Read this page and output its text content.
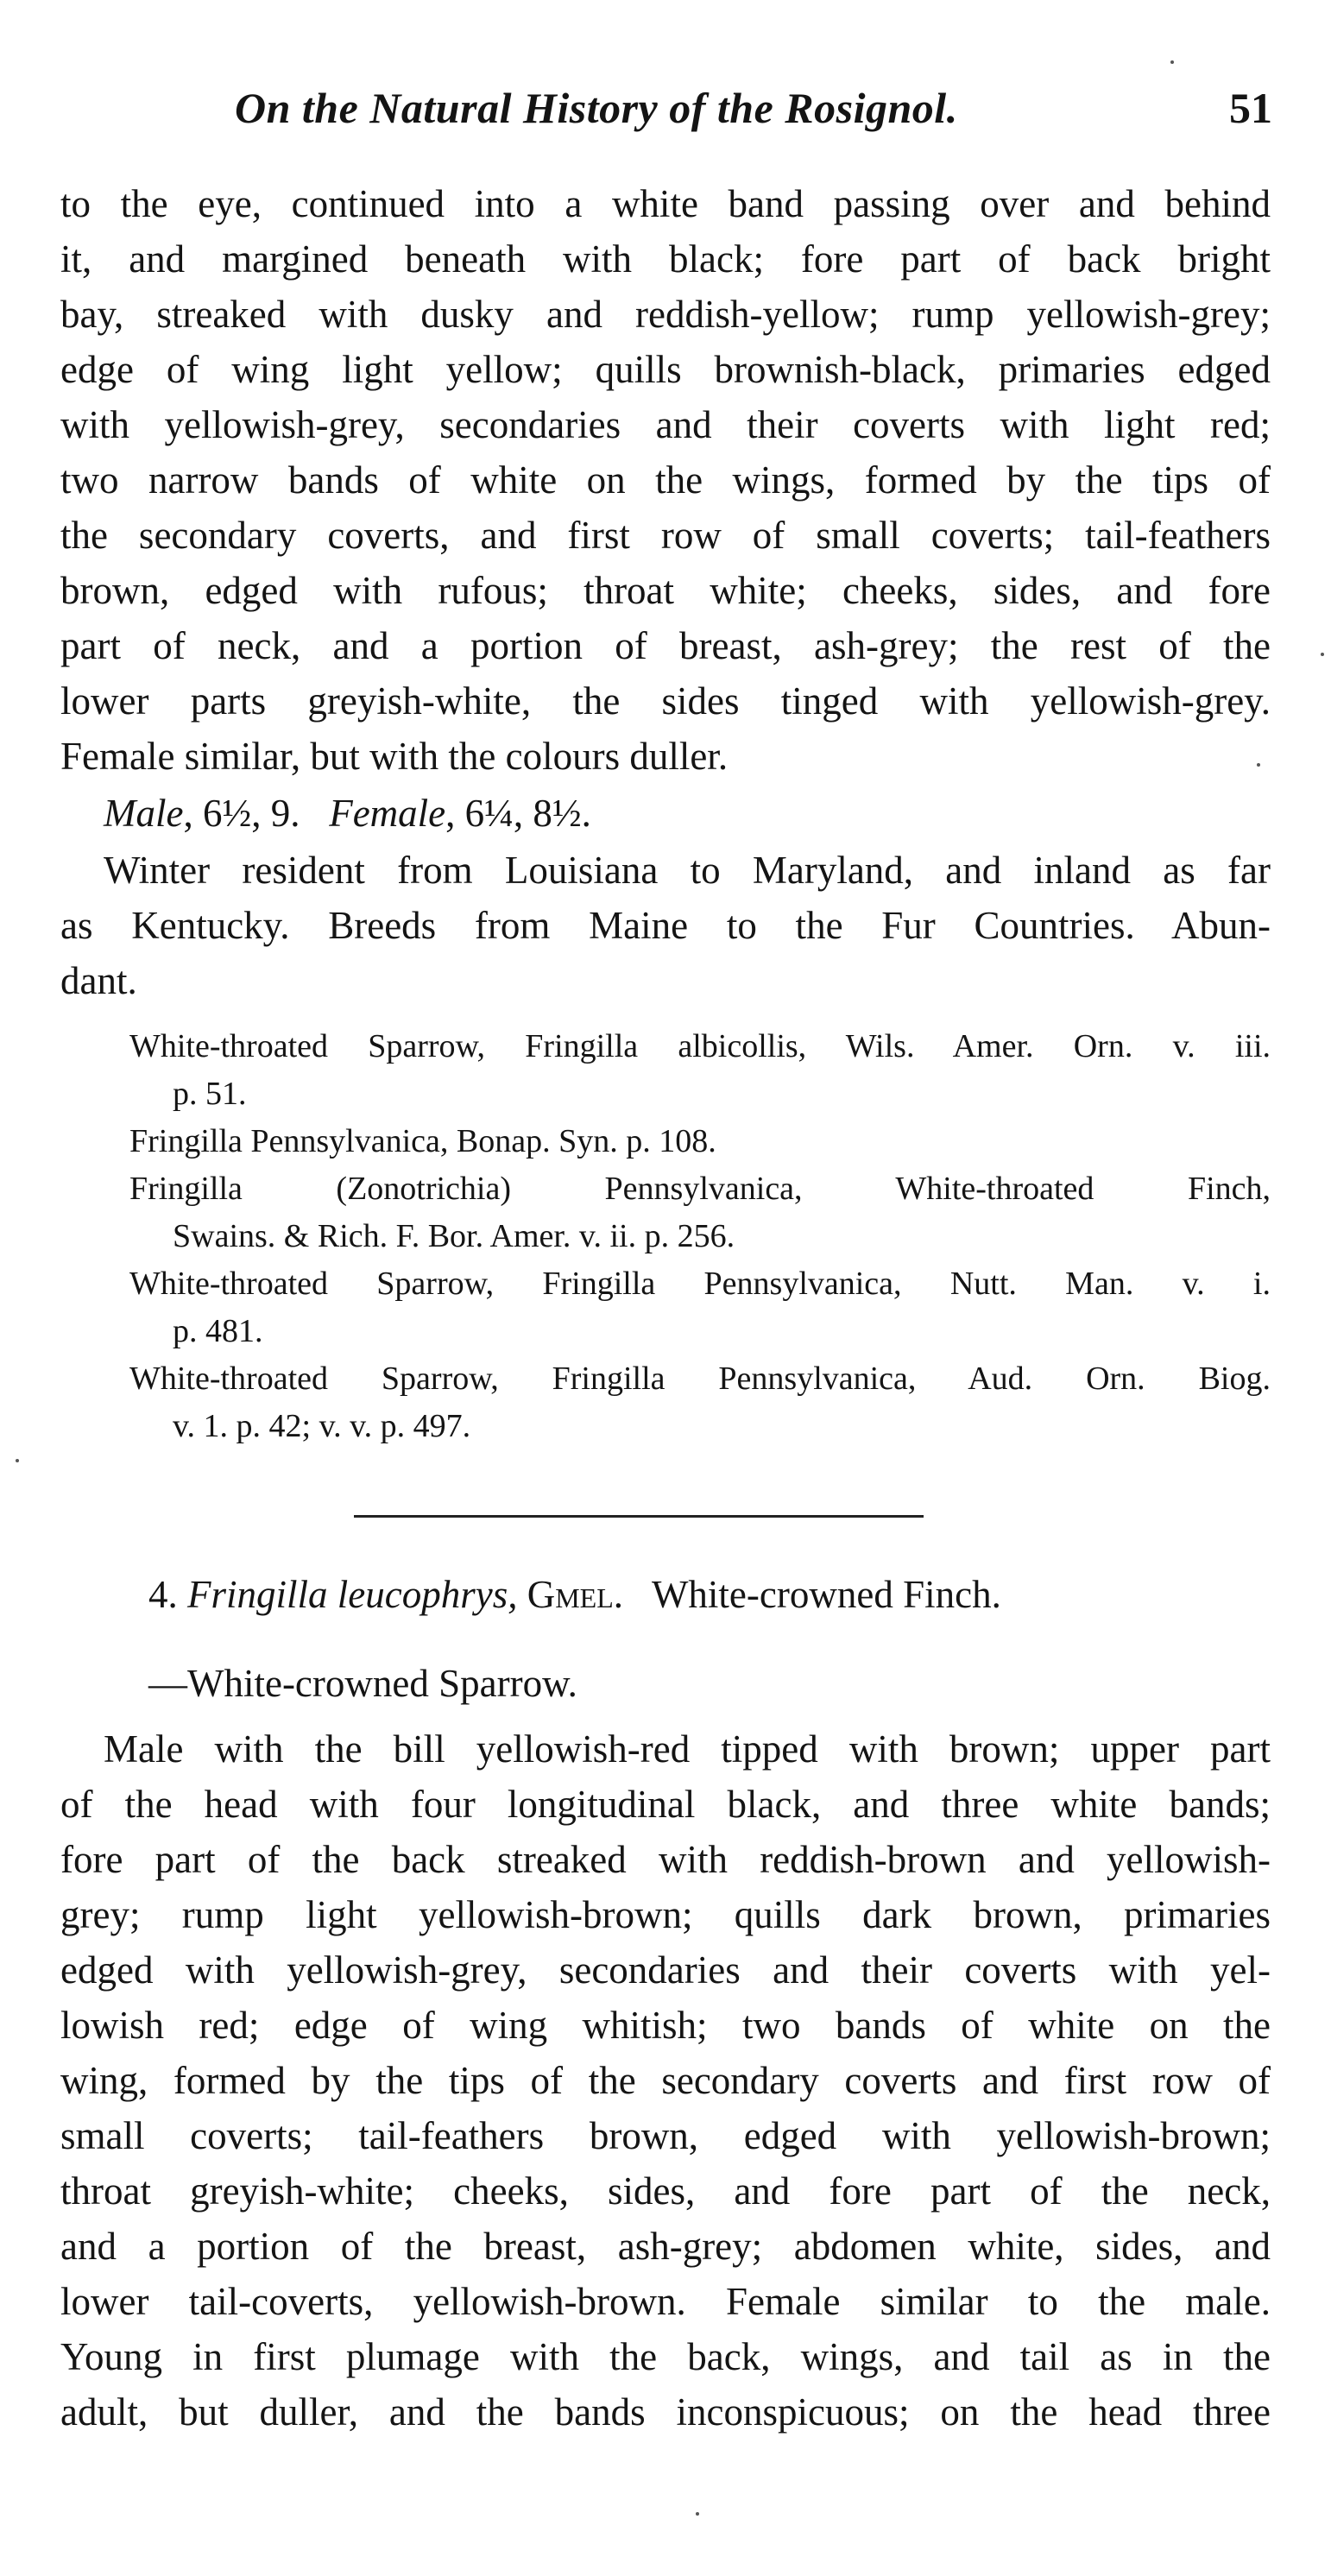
On the Natural History of the Rosignol.	51
to the eye, continued into a white band passing over and behind
it, and margined beneath with black; fore part of back bright
bay, streaked with dusky and reddish-yellow; rump yellowish-grey;
edge of wing light yellow; quills brownish-black, primaries edged
with yellowish-grey, secondaries and their coverts with light red;
two narrow bands of white on the wings, formed by the tips of
the secondary coverts, and first row of small coverts; tail-feathers
brown, edged with rufous; throat white; cheeks, sides, and fore
part of neck, and a portion of breast, ash-grey; the rest of the
lower parts greyish-white, the sides tinged with yellowish-grey.
Female similar, but with the colours duller.
Male, 6½, 9. Female, 6¼, 8½.
Winter resident from Louisiana to Maryland, and inland as far
as Kentucky. Breeds from Maine to the Fur Countries. Abun-
dant.
White-throated Sparrow, Fringilla albicollis, Wils. Amer. Orn. v. iii.
p. 51.
Fringilla Pennsylvanica, Bonap. Syn. p. 108.
Fringilla (Zonotrichia) Pennsylvanica, White-throated Finch,
Swains. & Rich. F. Bor. Amer. v. ii. p. 256.
White-throated Sparrow, Fringilla Pennsylvanica, Nutt. Man. v. i.
p. 481.
White-throated Sparrow, Fringilla Pennsylvanica, Aud. Orn. Biog.
v. 1. p. 42; v. v. p. 497.
4. Fringilla leucophrys, Gmel. White-crowned Finch.
—White-crowned Sparrow.
Male with the bill yellowish-red tipped with brown; upper part
of the head with four longitudinal black, and three white bands;
fore part of the back streaked with reddish-brown and yellowish-
grey; rump light yellowish-brown; quills dark brown, primaries
edged with yellowish-grey, secondaries and their coverts with yel-
lowish red; edge of wing whitish; two bands of white on the
wing, formed by the tips of the secondary coverts and first row of
small coverts; tail-feathers brown, edged with yellowish-brown;
throat greyish-white; cheeks, sides, and fore part of the neck,
and a portion of the breast, ash-grey; abdomen white, sides, and
lower tail-coverts, yellowish-brown. Female similar to the male.
Young in first plumage with the back, wings, and tail as in the
adult, but duller, and the bands inconspicuous; on the head three
